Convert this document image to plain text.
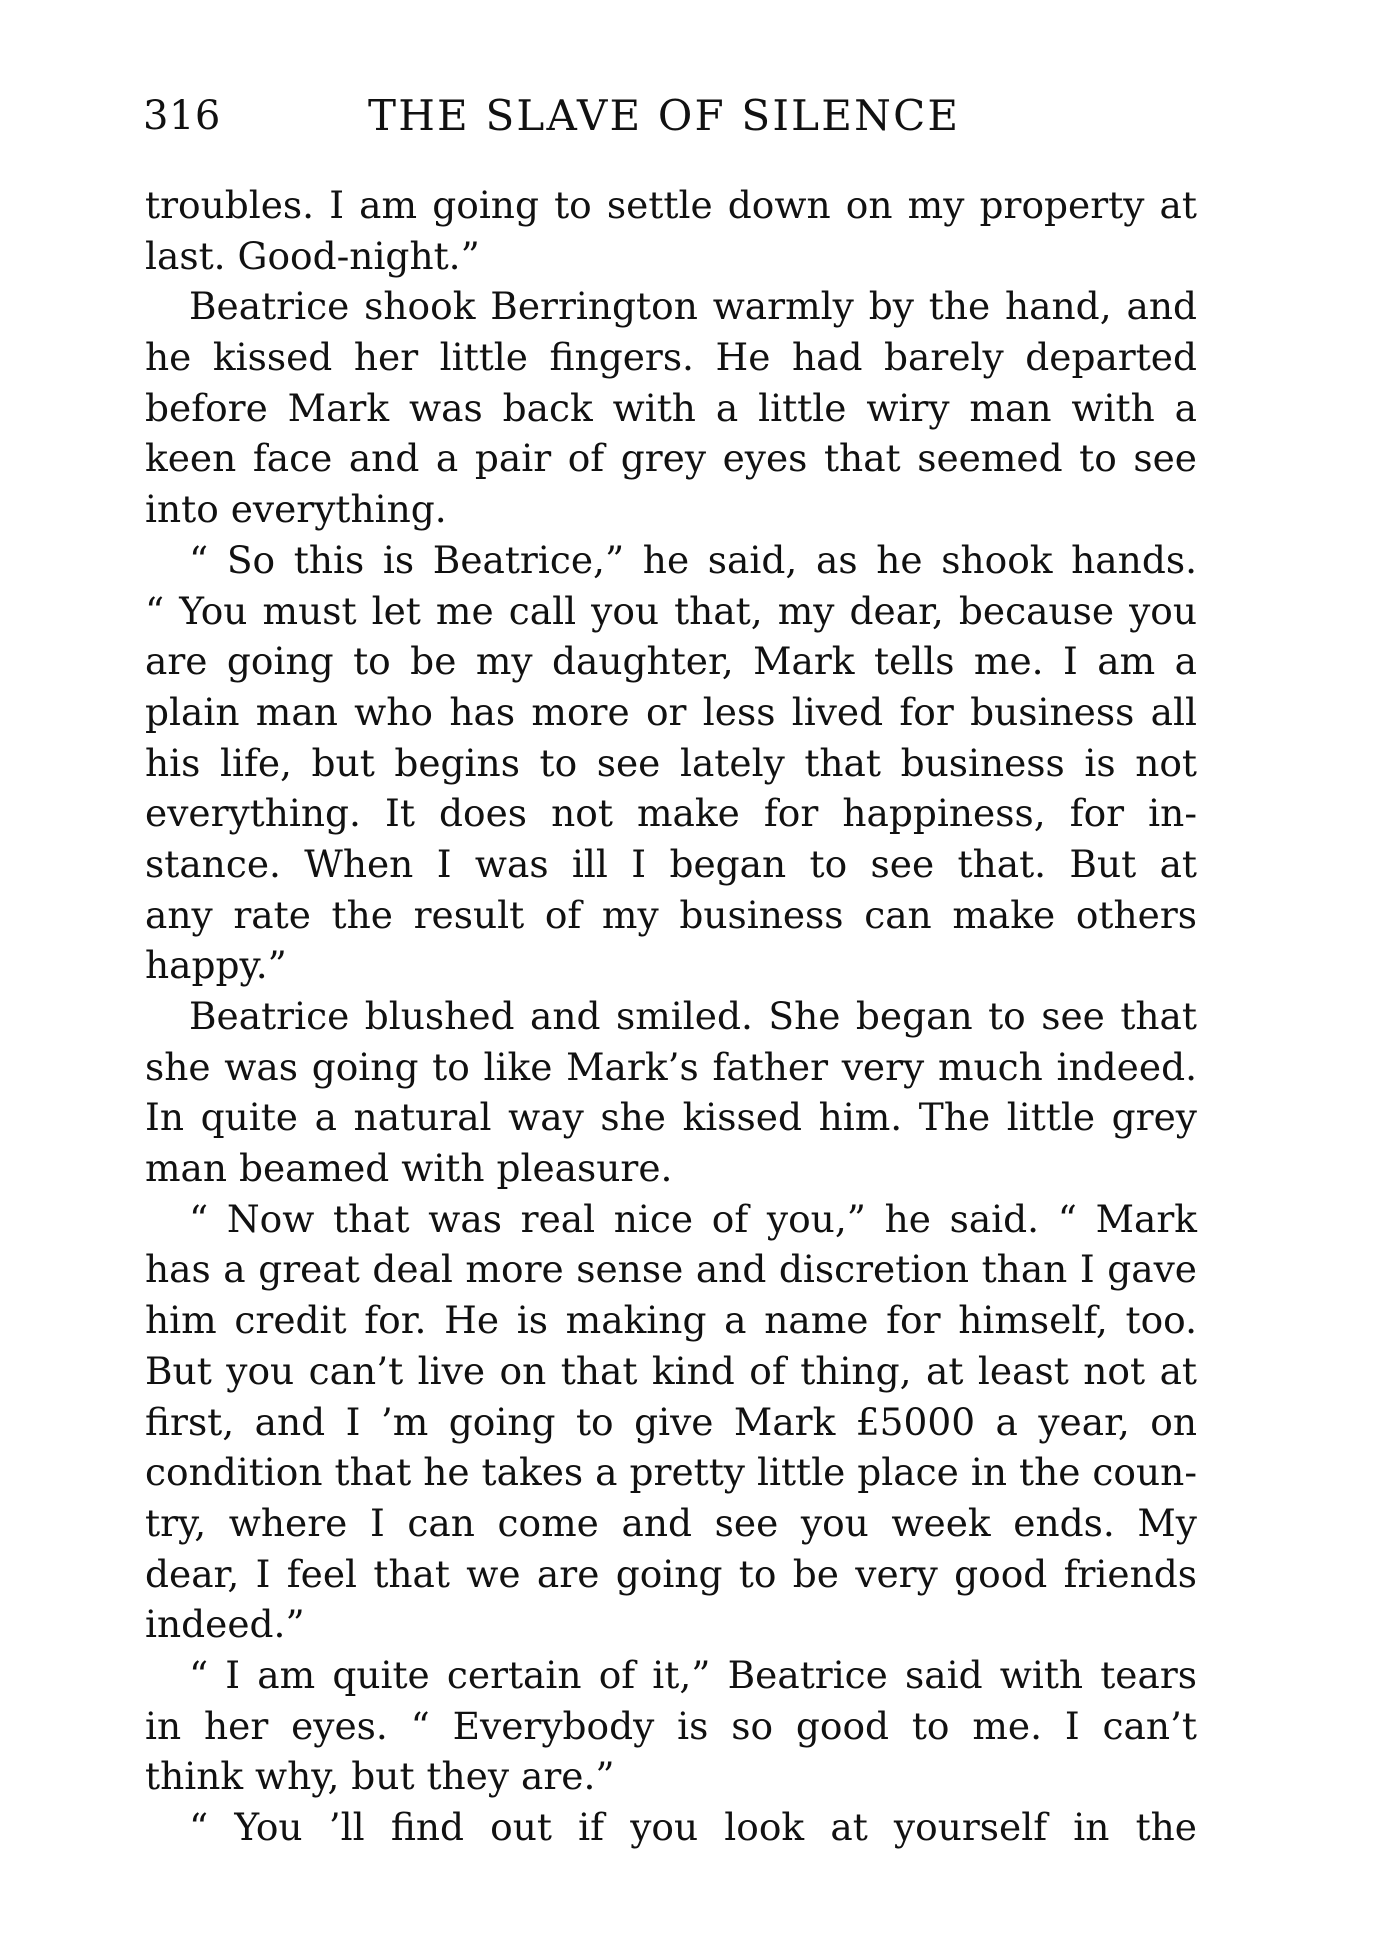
316	THE SLAVE OF SILENCE
troubles. I am going to settle down on my property at
last. Good-night.”
Beatrice shook Berrington warmly by the hand, and
he kissed her little fingers. He had barely departed
before Mark was back with a little wiry man with a
keen face and a pair of grey eyes that seemed to see
into everything.
“ So this is Beatrice,” he said, as he shook hands.
“ You must let me call you that, my dear, because you
are going to be my daughter, Mark tells me. I am a
plain man who has more or less lived for business all
his life, but begins to see lately that business is not
everything. It does not make for happiness, for in-
stance. When I was ill I began to see that. But at
any rate the result of my business can make others
happy.”
Beatrice blushed and smiled. She began to see that
she was going to like Mark’s father very much indeed.
In quite a natural way she kissed him. The little grey
man beamed with pleasure.
“ Now that was real nice of you,” he said. “ Mark
has a great deal more sense and discretion than I gave
him credit for. He is making a name for himself, too.
But you can’t live on that kind of thing, at least not at
first, and I ’m going to give Mark £5000 a year, on
condition that he takes a pretty little place in the coun-
try, where I can come and see you week ends. My
dear, I feel that we are going to be very good friends
indeed.”
“ I am quite certain of it,” Beatrice said with tears
in her eyes. “ Everybody is so good to me. I can’t
think why, but they are.”
“ You ’ll find out if you look at yourself in the
